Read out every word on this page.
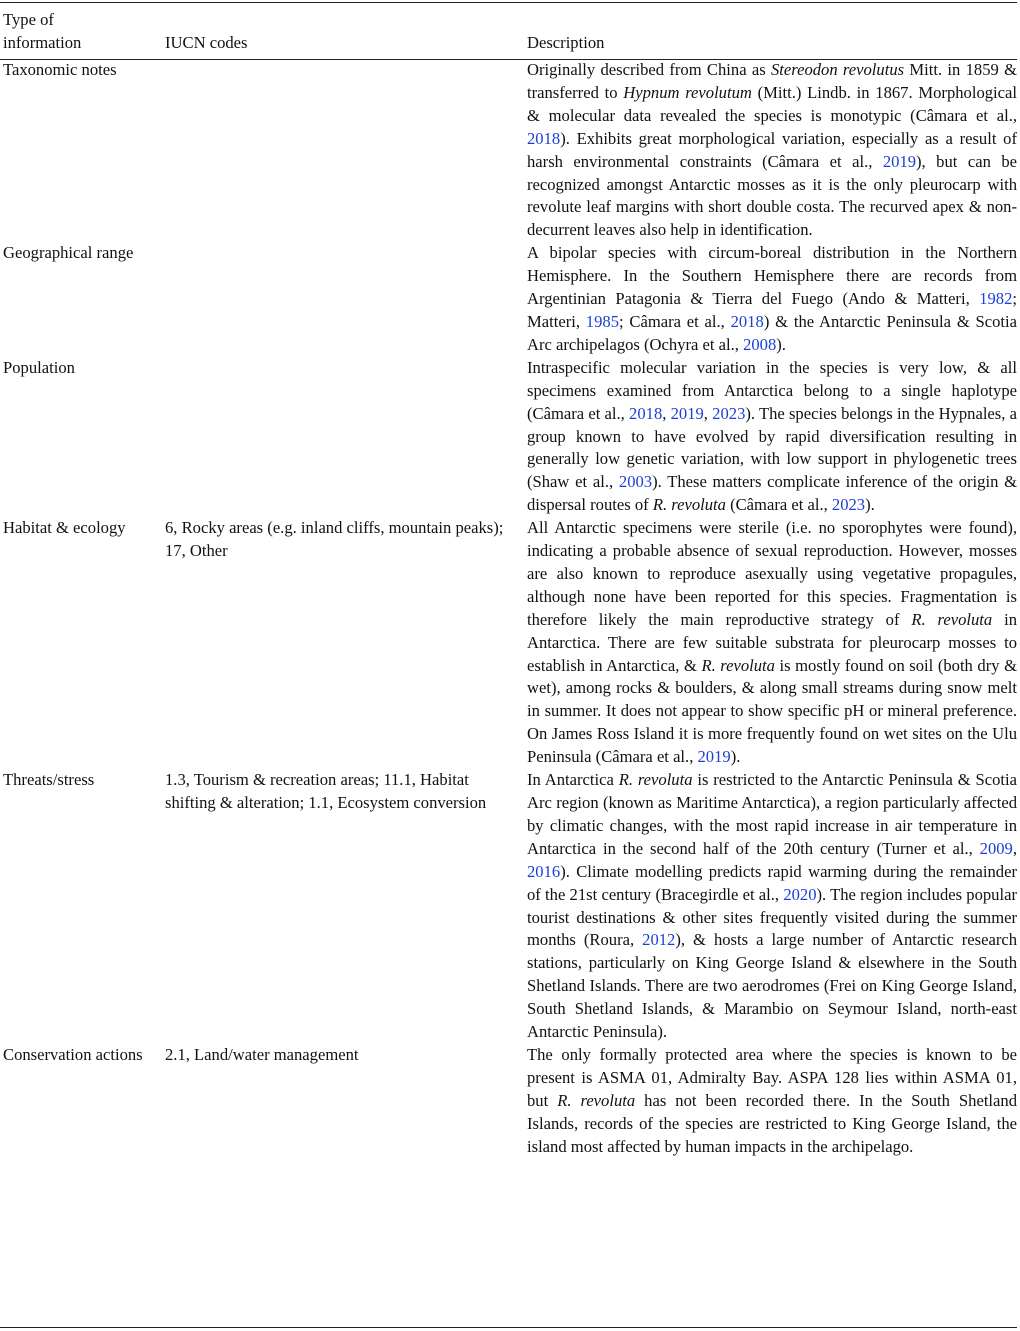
Type of information	IUCN codes	Description

Taxonomic notes		Originally described from China as Stereodon revolutus Mitt. in 1859 & transferred to Hypnum revolutum (Mitt.) Lindb. in 1867. Morphological & molecular data revealed the species is monotypic (Câmara et al., 2018). Exhibits great morphological variation, especially as a result of harsh environmental constraints (Câmara et al., 2019), but can be recognized amongst Antarctic mosses as it is the only pleurocarp with revolute leaf margins with short double costa. The recurved apex & non-decurrent leaves also help in identification.
Geographical range		A bipolar species with circum-boreal distribution in the Northern Hemisphere. In the Southern Hemisphere there are records from Argentinian Patagonia & Tierra del Fuego (Ando & Matteri, 1982; Matteri, 1985; Câmara et al., 2018) & the Antarctic Peninsula & Scotia Arc archipelagos (Ochyra et al., 2008).
Population		Intraspecific molecular variation in the species is very low, & all specimens examined from Antarctica belong to a single haplotype (Câmara et al., 2018, 2019, 2023). The species belongs in the Hypnales, a group known to have evolved by rapid diversification resulting in generally low genetic variation, with low support in phylogenetic trees (Shaw et al., 2003). These matters complicate inference of the origin & dispersal routes of R. revoluta (Câmara et al., 2023).
Habitat & ecology	6, Rocky areas (e.g. inland cliffs, mountain peaks); 17, Other	All Antarctic specimens were sterile (i.e. no sporophytes were found), indicating a probable absence of sexual reproduction. However, mosses are also known to reproduce asexually using vegetative propagules, although none have been reported for this species. Fragmentation is therefore likely the main reproductive strategy of R. revoluta in Antarctica. There are few suitable substrata for pleurocarp mosses to establish in Antarctica, & R. revoluta is mostly found on soil (both dry & wet), among rocks & boulders, & along small streams during snow melt in summer. It does not appear to show specific pH or mineral preference. On James Ross Island it is more frequently found on wet sites on the Ulu Peninsula (Câmara et al., 2019).
Threats/stress	1.3, Tourism & recreation areas; 11.1, Habitat shifting & alteration; 1.1, Ecosystem conversion	In Antarctica R. revoluta is restricted to the Antarctic Peninsula & Scotia Arc region (known as Maritime Antarctica), a region particularly affected by climatic changes, with the most rapid increase in air temperature in Antarctica in the second half of the 20th century (Turner et al., 2009, 2016). Climate modelling predicts rapid warming during the remainder of the 21st century (Bracegirdle et al., 2020). The region includes popular tourist destinations & other sites frequently visited during the summer months (Roura, 2012), & hosts a large number of Antarctic research stations, particularly on King George Island & elsewhere in the South Shetland Islands. There are two aerodromes (Frei on King George Island, South Shetland Islands, & Marambio on Seymour Island, north-east Antarctic Peninsula).
Conservation actions	2.1, Land/water management	The only formally protected area where the species is known to be present is ASMA 01, Admiralty Bay. ASPA 128 lies within ASMA 01, but R. revoluta has not been recorded there. In the South Shetland Islands, records of the species are restricted to King George Island, the island most affected by human impacts in the archipelago.
